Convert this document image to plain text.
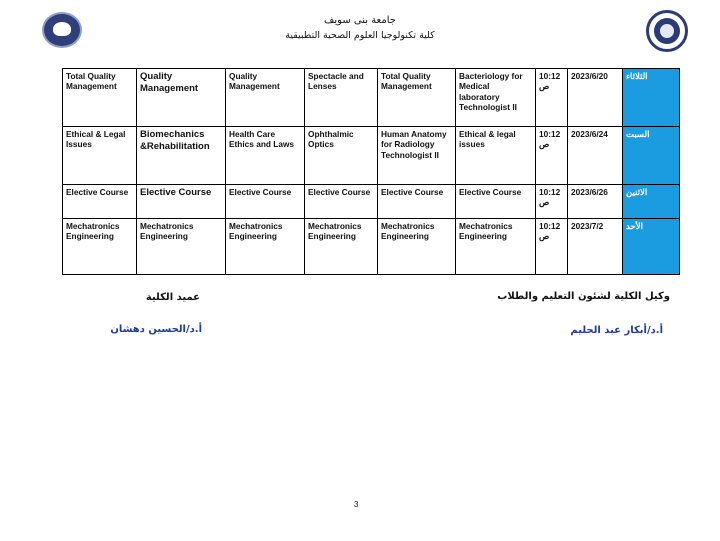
جامعة بنى سويف
كلية تكنولوجيا العلوم الصحية التطبيقية
Total Quality Management	Quality Management	Quality Management	Spectacle and Lenses	Total Quality Management	Bacteriology for Medical laboratory Technologist II	10:12 ص	2023/6/20	الثلاثاء
Ethical & Legal Issues	Biomechanics &Rehabilitation	Health Care Ethics and Laws	Ophthalmic Optics	Human Anatomy for Radiology Technologist II	Ethical & legal issues	10:12 ص	2023/6/24	السبت
Elective Course	Elective Course	Elective Course	Elective Course	Elective Course	Elective Course	10:12 ص	2023/6/26	الاثنين
Mechatronics Engineering	Mechatronics Engineering	Mechatronics Engineering	Mechatronics Engineering	Mechatronics Engineering	Mechatronics Engineering	10:12 ص	2023/7/2	الأحد
وكيل الكلية لشئون التعليم والطلاب
أ.د/أبكار عبد الحليم
عميد الكلية
أ.د/الحسين دهشان
3
